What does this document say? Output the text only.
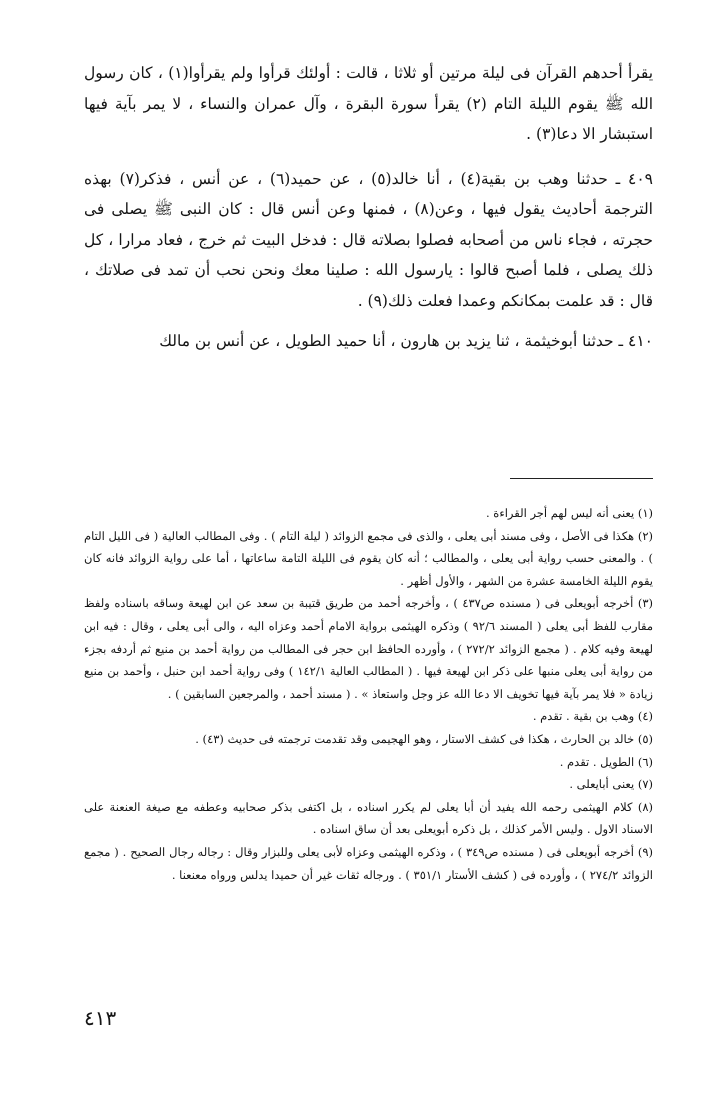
يقرأ أحدهم القرآن فى ليلة مرتين أو ثلاثا ، قالت : أولئك قرأوا ولم يقرأوا(١) ، كان رسول الله ﷺ يقوم الليلة التام (٢) يقرأ سورة البقرة ، وآل عمران والنساء ، لا يمر بآية فيها استبشار الا دعا(٣) .

٤٠٩ ـ حدثنا وهب بن بقية(٤) ، أنا خالد(٥) ، عن حميد(٦) ، عن أنس ، فذكر(٧) بهذه الترجمة أحاديث يقول فيها ، وعن(٨) ، فمنها وعن أنس قال : كان النبى ﷺ يصلى فى حجرته ، فجاء ناس من أصحابه فصلوا بصلاته قال : فدخل البيت ثم خرج ، فعاد مرارا ، كل ذلك يصلى ، فلما أصبح قالوا : يارسول الله : صلينا معك ونحن نحب أن تمد فى صلاتك ، قال : قد علمت بمكانكم وعمدا فعلت ذلك(٩) .

٤١٠ ـ حدثنا أبوخيثمة ، ثنا يزيد بن هارون ، أنا حميد الطويل ، عن أنس بن مالك

(١) يعنى أنه ليس لهم أجر القراءة .

(٢) هكذا فى الأصل ، وفى مسند أبى يعلى ، والذى فى مجمع الزوائد ( ليلة التام ) . وفى المطالب العالية ( فى الليل التام ) . والمعنى حسب رواية أبى يعلى ، والمطالب ؛ أنه كان يقوم فى الليلة التامة ساعاتها ، أما على رواية الزوائد فانه كان يقوم الليلة الخامسة عشرة من الشهر ، والأول أظهر .

(٣) أخرجه أبويعلى فى ( مسنده ص٤٣٧ ) ، وأخرجه أحمد من طريق قتيبة بن سعد عن ابن لهيعة وساقه باسناده ولفظ مقارب للفظ أبى يعلى ( المسند ٩٢/٦ ) وذكره الهيثمى برواية الامام أحمد وعزاه اليه ، والى أبى يعلى ، وقال : فيه ابن لهيعة وفيه كلام . ( مجمع الزوائد ٢٧٢/٢ ) ، وأورده الحافظ ابن حجر فى المطالب من رواية أحمد بن منيع ثم أردفه بجزء من رواية أبى يعلى منبها على ذكر ابن لهيعة فيها . ( المطالب العالية ١٤٢/١ ) وفى رواية أحمد ابن حنبل ، وأحمد بن منيع زيادة « فلا يمر بآية فيها تخويف الا دعا الله عز وجل واستعاذ » . ( مسند أحمد ، والمرجعين السابقين ) .

(٤) وهب بن بقية . تقدم .

(٥) خالد بن الحارث ، هكذا فى كشف الاستار ، وهو الهجيمى وقد تقدمت ترجمته فى حديث (٤٣) .

(٦) الطويل . تقدم .

(٧) يعنى أبايعلى .

(٨) كلام الهيثمى رحمه الله يفيد أن أبا يعلى لم يكرر اسناده ، بل اكتفى بذكر صحابيه وعطفه مع صيغة العنعنة على الاسناد الاول . وليس الأمر كذلك ، بل ذكره أبويعلى بعد أن ساق اسناده .

(٩) أخرجه أبويعلى فى ( مسنده ص٣٤٩ ) ، وذكره الهيثمى وعزاه لأبى يعلى وللبزار وقال : رجاله رجال الصحيح . ( مجمع الزوائد ٢٧٤/٢ ) ، وأورده فى ( كشف الأستار ٣٥١/١ ) . ورجاله ثقات غير أن حميدا يدلس ورواه معنعنا .

٤١٣
